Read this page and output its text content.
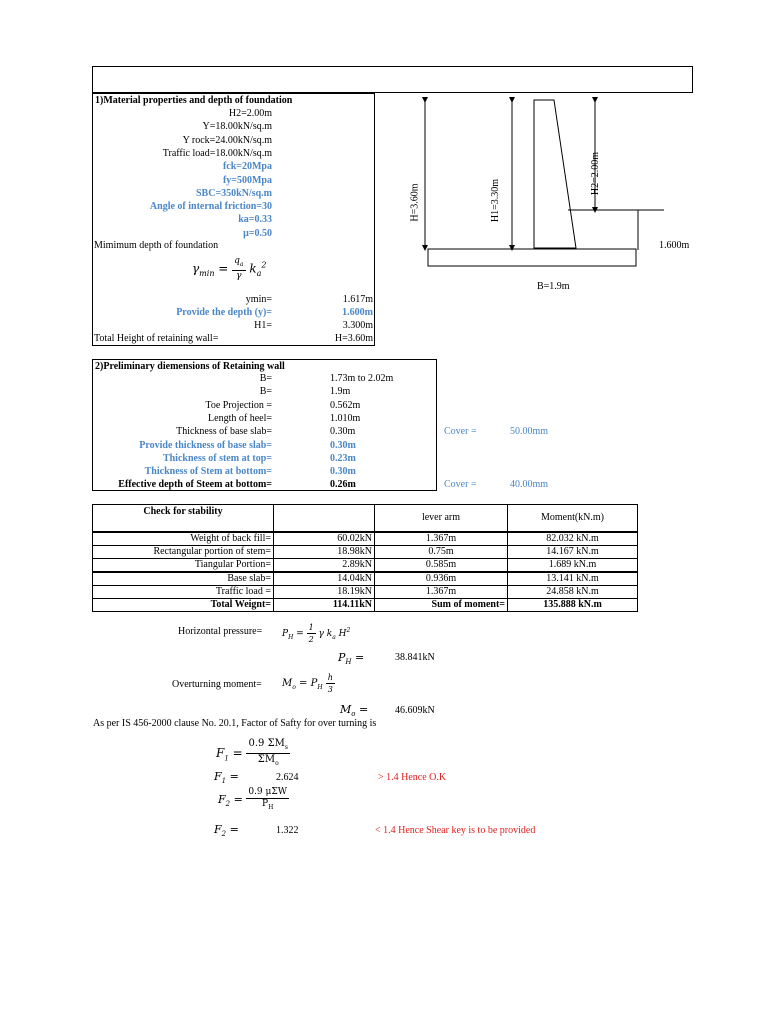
1)Material properties and depth of foundation
H2=2.00m
Y=18.00kN/sq.m
Y rock=24.00kN/sq.m
Traffic load=18.00kN/sq.m
fck=20Mpa
fy=500Mpa
SBC=350kN/sq.m
Angle of internal friction=30
ka=0.33
μ=0.50
Mimimum depth of foundation
$\gamma_{min} = \frac{q_a}{\gamma} k_a^2$
ymin=	1.617m
Provide the depth (y)=	1.600m
H1=	3.300m
Total Height of retaining wall=	H=3.60m
H=3.60m	H1=3.30m
H2=2.00m
1.600m
B=1.9m
2)Preliminary diemensions of Retaining wall
B=	1.73m to 2.02m
B=	1.9m
Toe Projection =	0.562m
Length of heel=	1.010m
Thickness of base slab=	0.30m
Provide thickness of base slab=	0.30m
Thickness of stem at top=	0.23m
Thickness of Stem at bottom=	0.30m
Effective depth of Steem at bottom=	0.26m
Cover =	50.00mm
Cover =	40.00mm
Check for stability
lever arm	Moment(kN.m)
Weight of back fill=	60.02kN	1.367m	82.032 kN.m
Rectangular portion of stem=	18.98kN	0.75m	14.167 kN.m
Tiangular Portion=	2.89kN	0.585m	1.689 kN.m
Base slab=	14.04kN	0.936m	13.141 kN.m
Traffic load =	18.19kN	1.367m	24.858 kN.m
Total Weignt=	114.11kN	Sum of moment=	135.888 kN.m
Horizontal pressure= $P_H = \frac{1}{2}$ γ $k_a$ $H^2$
$P_H$ =	38.841kN
Overturning moment= $M_o = P_H \frac{h}{3}$
$M_o$ =	46.609kN
As per IS 456-2000 clause No. 20.1, Factor of Safty for over turning is
$F_1 = \frac{0.9 \Sigma M_s}{\Sigma M_o}$
$F_1$ =	2.624	> 1.4 Hence O.K
$F_2 = \frac{\text{0.9 μΣW}}{P_H}$
$F_2$ =	1.322	< 1.4 Hence Shear key is to be provided
